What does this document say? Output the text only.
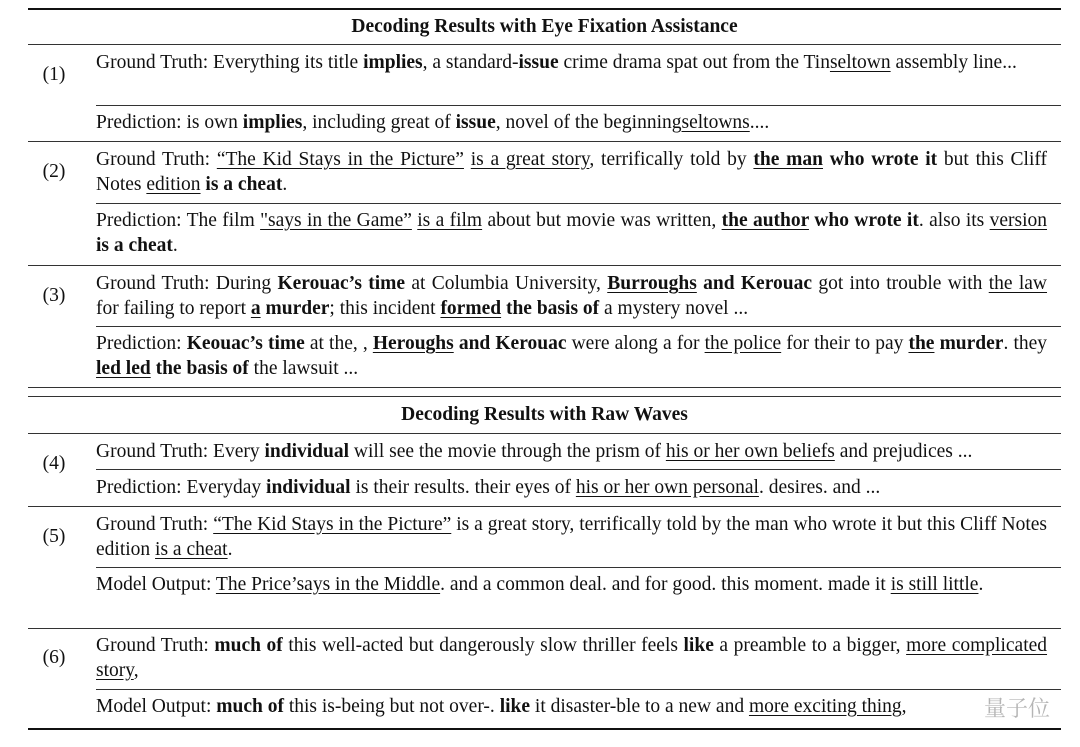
Decoding Results with Eye Fixation Assistance
Decoding Results with Raw Waves
(1)
(2)
(3)
(4)
(5)
(6)
Ground Truth: Everything its title implies, a standard-issue crime drama spat out from the Tinseltown assembly line...
Prediction: is own implies, including great of issue, novel of the beginningseltowns....
Ground Truth: “The Kid Stays in the Picture” is a great story, terrifically told by the man who wrote it but this Cliff Notes edition is a cheat.
Prediction: The film "says in the Game” is a film about but movie was written, the author who wrote it. also its version is a cheat.
Ground Truth: During Kerouac’s time at Columbia University, Burroughs and Kerouac got into trouble with the law for failing to report a murder; this incident formed the basis of a mystery novel ...
Prediction: Keouac’s time at the, , Heroughs and Kerouac were along a for the police for their to pay the murder. they led led the basis of the lawsuit ...
Ground Truth: Every individual will see the movie through the prism of his or her own beliefs and prejudices ...
Prediction: Everyday individual is their results. their eyes of his or her own personal. desires. and ...
Ground Truth: “The Kid Stays in the Picture” is a great story, terrifically told by the man who wrote it but this Cliff Notes edition is a cheat.
Model Output: The Price’says in the Middle. and a common deal. and for good. this moment. made it is still little.
Ground Truth: much of this well-acted but dangerously slow thriller feels like a preamble to a bigger, more complicated story,
Model Output: much of this is-being but not over-. like it disaster-ble to a new and more exciting thing,	量子位
